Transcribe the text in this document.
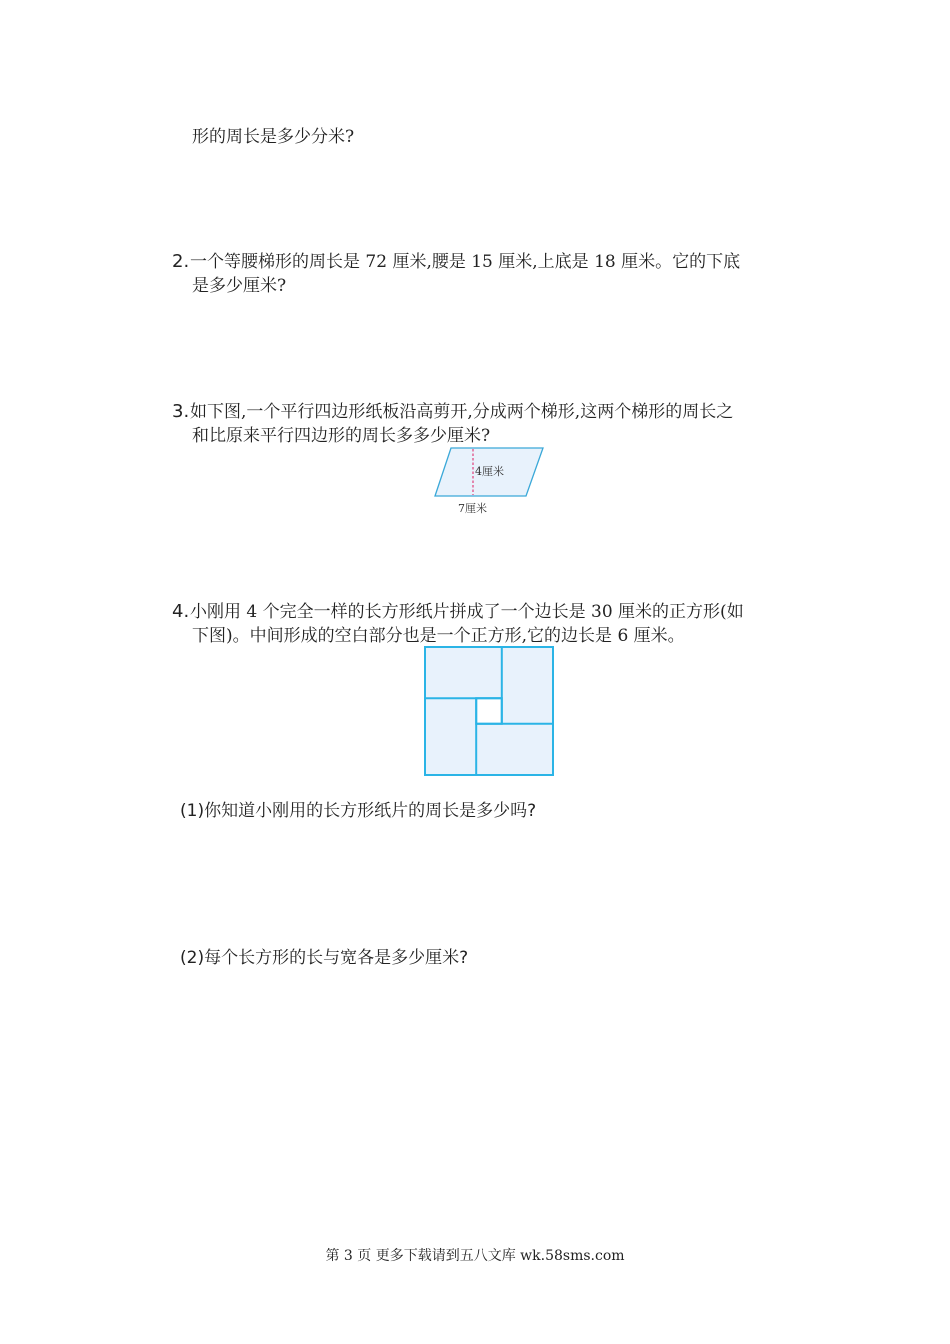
形的周长是多少分米?
2. 一个等腰梯形的周长是 72 厘米,腰是 15 厘米,上底是 18 厘米。它的下底
是多少厘米?
3. 如下图,一个平行四边形纸板沿高剪开,分成两个梯形,这两个梯形的周长之
和比原来平行四边形的周长多多少厘米?
4厘米
7厘米
4. 小刚用 4 个完全一样的长方形纸片拼成了一个边长是 30 厘米的正方形(如
下图)。中间形成的空白部分也是一个正方形,它的边长是 6 厘米。
(1)你知道小刚用的长方形纸片的周长是多少吗?
(2)每个长方形的长与宽各是多少厘米?
第 3 页 更多下载请到五八文库 wk.58sms.com
